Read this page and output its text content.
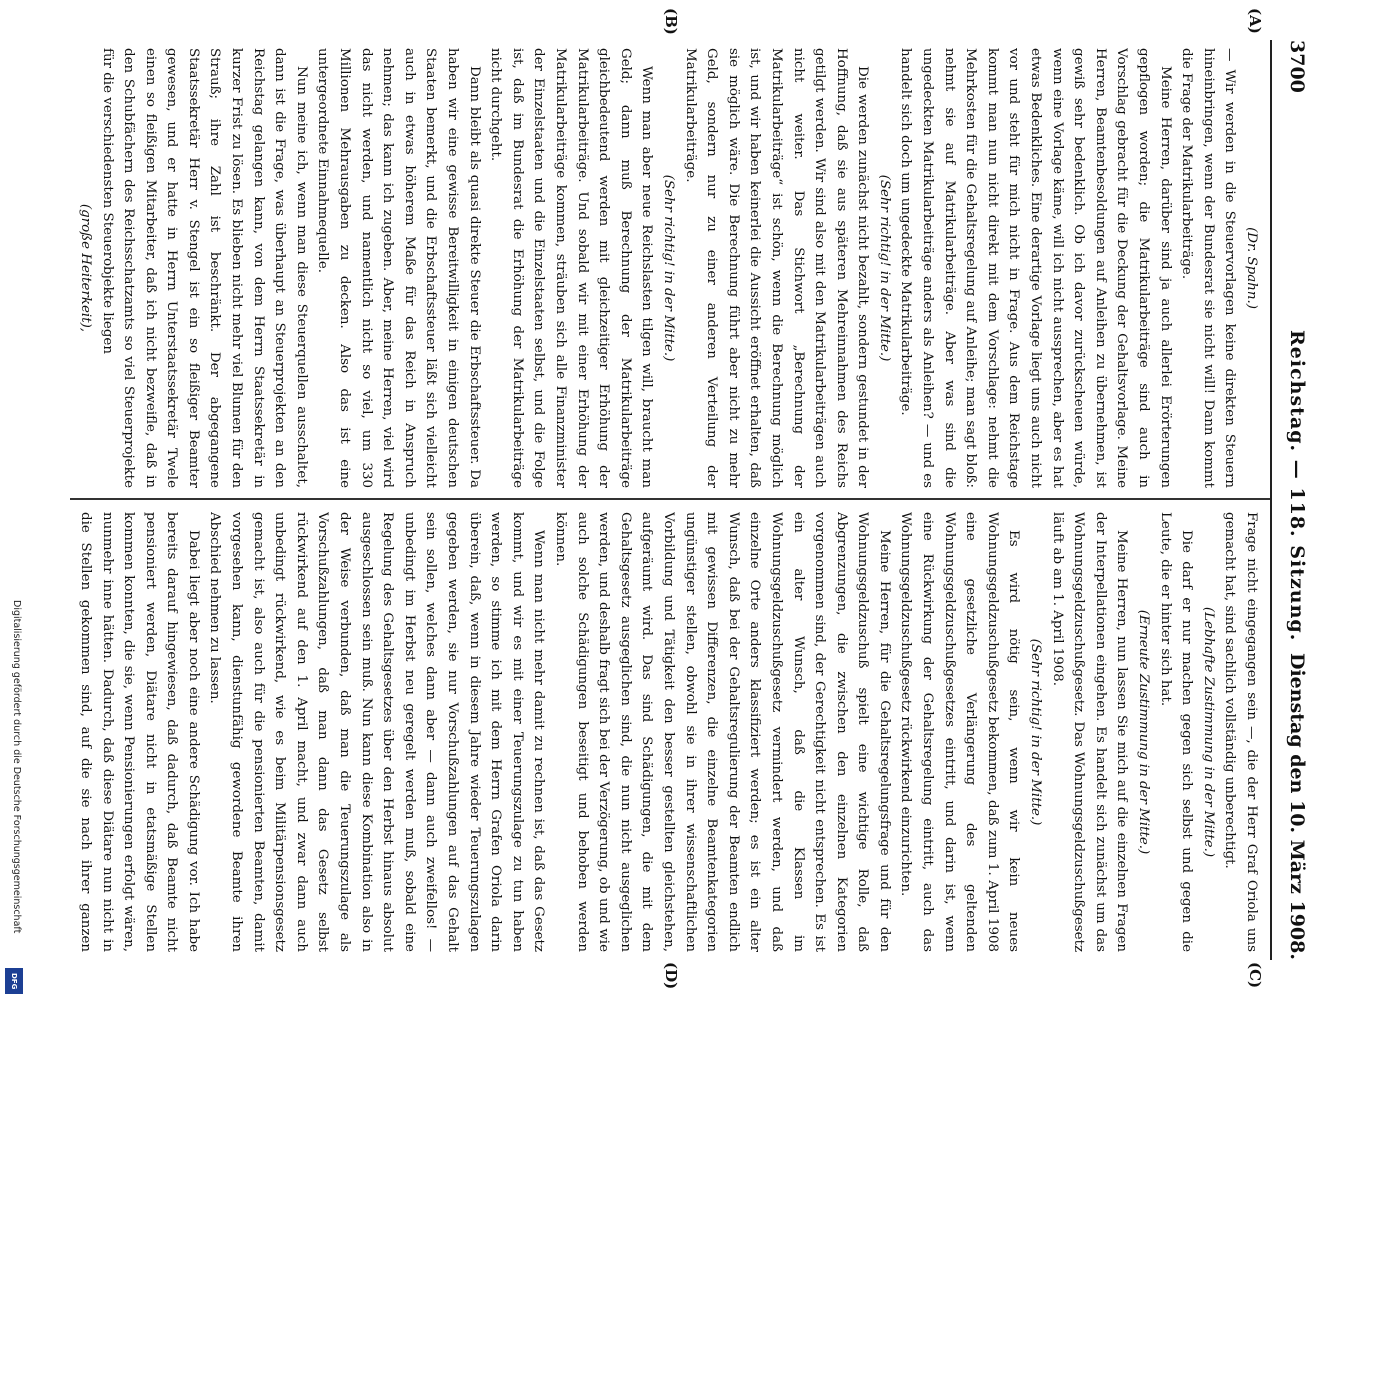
3700
Reichstag. — 118. Sitzung.
Dienstag den 10. März 1908.
(A)
(B)
(C)
(D)

(Dr. Spahn.)

— Wir werden in die Steuervorlagen keine direkten Steuern hineinbringen, wenn der Bundesrat sie nicht will! Dann kommt die Frage der Matrikularbeiträge.

Meine Herren, darüber sind ja auch allerlei Erörterungen gepflogen worden; die Matrikularbeiträge sind auch in Vorschlag gebracht für die Deckung der Gehaltsvorlage. Meine Herren, Beamtenbesoldungen auf Anleihen zu übernehmen, ist gewiß sehr bedenklich. Ob ich davor zurückscheuen würde, wenn eine Vorlage käme, will ich nicht aussprechen, aber es hat etwas Bedenkliches. Eine derartige Vorlage liegt uns auch nicht vor und steht für mich nicht in Frage. Aus dem Reichstage kommt man nun nicht direkt mit dem Vorschlage: nehmt die Mehrkosten für die Gehaltsregelung auf Anleihe; man sagt bloß: nehmt sie auf Matrikularbeiträge. Aber was sind die ungedeckten Matrikularbeiträge anders als Anleihen? — und es handelt sich doch um ungedeckte Matrikularbeiträge.

(Sehr richtig! in der Mitte.)

Die werden zunächst nicht bezahlt, sondern gestundet in der Hoffnung, daß sie aus späteren Mehreinnahmen des Reichs getilgt werden. Wir sind also mit den Matrikularbeiträgen auch nicht weiter. Das Stichwort „Berechnung der Matrikularbeiträge“ ist schön, wenn die Berechnung möglich ist, und wir haben keinerlei die Aussicht eröffnet erhalten, daß sie möglich wäre. Die Berechnung führt aber nicht zu mehr Geld, sondern nur zu einer anderen Verteilung der Matrikularbeiträge.

(Sehr richtig! in der Mitte.)

Wenn man aber neue Reichslasten tilgen will, braucht man Geld; dann muß Berechnung der Matrikularbeiträge gleichbedeutend werden mit gleichzeitiger Erhöhung der Matrikularbeiträge. Und sobald wir mit einer Erhöhung der Matrikularbeiträge kommen, sträuben sich alle Finanzminister der Einzelstaaten und die Einzelstaaten selbst, und die Folge ist, daß im Bundesrat die Erhöhung der Matrikularbeiträge nicht durchgeht.

Dann bleibt als quasi direkte Steuer die Erbschaftssteuer. Da haben wir eine gewisse Bereitwilligkeit in einigen deutschen Staaten bemerkt, und die Erbschaftssteuer läßt sich vielleicht auch in etwas höherem Maße für das Reich in Anspruch nehmen; das kann ich zugeben. Aber, meine Herren, viel wird das nicht werden, und namentlich nicht so viel, um 330 Millionen Mehrausgaben zu decken. Also das ist eine untergeordnete Einnahmequelle.

Nun meine ich, wenn man diese Steuerquellen ausschaltet, dann ist die Frage, was überhaupt an Steuerprojekten an den Reichstag gelangen kann, von dem Herrn Staatssekretär in kurzer Frist zu lösen. Es blieben nicht mehr viel Blumen für den Strauß; ihre Zahl ist beschränkt. Der abgegangene Staatssekretär Herr v. Stengel ist ein so fleißiger Beamter gewesen, und er hatte in Herrn Unterstaatssekretär Twele einen so fleißigen Mitarbeiter, daß ich nicht bezweifle, daß in den Schubfächern des Reichsschatzamts so viel Steuerprojekte für die verschiedensten Steuerobjekte liegen

(große Heiterkeit),

Frage nicht eingegangen sein —, die der Herr Graf Oriola uns gemacht hat, sind sachlich vollständig unberechtigt.

(Lebhafte Zustimmung in der Mitte.)

Die darf er nur machen gegen sich selbst und gegen die Leute, die er hinter sich hat.

(Erneute Zustimmung in der Mitte.)

Meine Herren, nun lassen Sie mich auf die einzelnen Fragen der Interpellationen eingehen. Es handelt sich zunächst um das Wohnungsgeldzuschußgesetz. Das Wohnungsgeldzuschußgesetz läuft ab am 1. April 1908.

(Sehr richtig! in der Mitte.)

Es wird nötig sein, wenn wir kein neues Wohnungsgeldzuschußgesetz bekommen, daß zum 1. April 1908 eine gesetzliche Verlängerung des geltenden Wohnungsgeldzuschußgesetzes eintritt, und darin ist, wenn eine Rückwirkung der Gehaltsregelung eintritt, auch das Wohnungsgeldzuschußgesetz rückwirkend einzurichten.

Meine Herren, für die Gehaltsregelungsfrage und für den Wohnungsgeldzuschuß spielt eine wichtige Rolle, daß Abgrenzungen, die zwischen den einzelnen Kategorien vorgenommen sind, der Gerechtigkeit nicht entsprechen. Es ist ein alter Wunsch, daß die Klassen im Wohnungsgeldzuschußgesetz vermindert werden, und daß einzelne Orte anders klassifiziert werden; es ist ein alter Wunsch, daß bei der Gehaltsregulierung der Beamten endlich mit gewissen Differenzen, die einzelne Beamtenkategorien ungünstiger stellen, obwohl sie in ihrer wissenschaftlichen Vorbildung und Tätigkeit den besser gestellten gleichstehen, aufgeräumt wird. Das sind Schädigungen, die mit dem Gehaltsgesetz ausgeglichen sind, die nun nicht ausgeglichen werden, und deshalb fragt sich bei der Verzögerung, ob und wie auch solche Schädigungen beseitigt und behoben werden können.

Wenn man nicht mehr damit zu rechnen ist, daß das Gesetz kommt, und wir es mit einer Teuerungszulage zu tun haben werden, so stimme ich mit dem Herrn Grafen Oriola darin überein, daß, wenn in diesem Jahre wieder Teuerungszulagen gegeben werden, sie nur Vorschußzahlungen auf das Gehalt sein sollen, welches dann aber — dann auch zweifellos! — unbedingt im Herbst neu geregelt werden muß, sobald eine Regelung des Gehaltsgesetzes über den Herbst hinaus absolut ausgeschlossen sein muß. Nun kann diese Kombination also in der Weise verbunden, daß man die Teuerungszulage als Vorschußzahlungen, daß man dann das Gesetz selbst rückwirkend auf den 1. April macht, und zwar dann auch unbedingt rückwirkend, wie es beim Militärpensionsgesetz gemacht ist, also auch für die pensionierten Beamten, damit vorgesehen kann, dienstunfähig gewordene Beamte ihren Abschied nehmen zu lassen.

Dabei liegt aber noch eine andere Schädigung vor. Ich habe bereits darauf hingewiesen, daß dadurch, daß Beamte nicht pensioniert werden, Diätare nicht in etatsmäßige Stellen kommen konnten, die sie, wenn Pensionierungen erfolgt wären, nunmehr inne hätten. Dadurch, daß diese Diätare nun nicht in die Stellen gekommen sind, auf die sie nach ihrer ganzen

Digitalisierung gefördert durch die Deutsche Forschungsgemeinschaft
DFG
